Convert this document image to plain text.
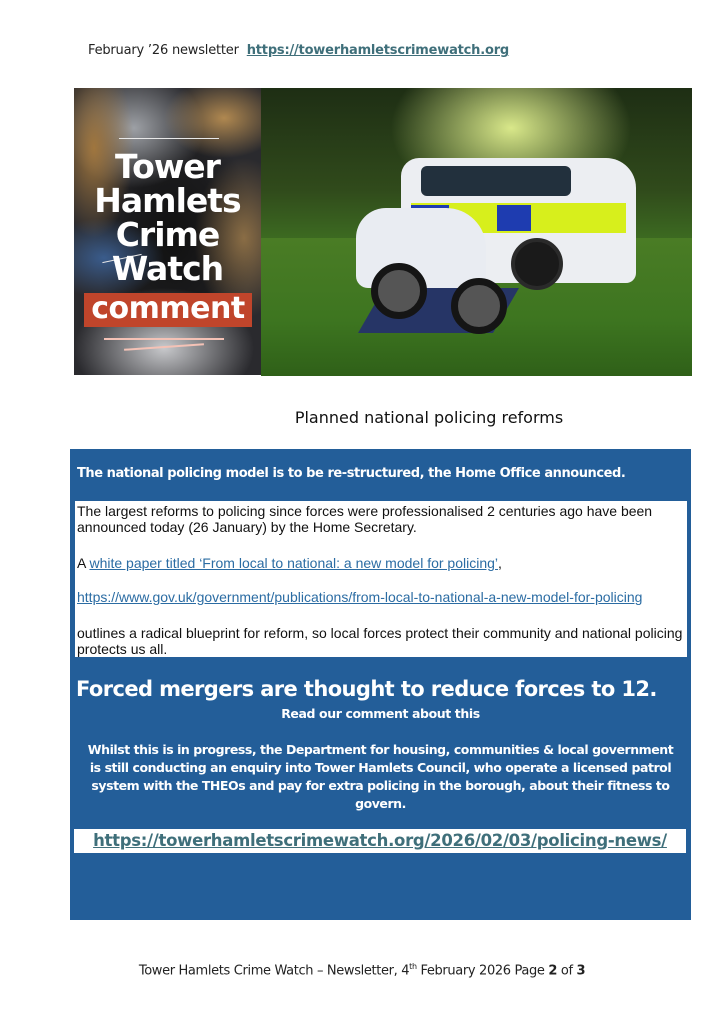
February ’26 newsletter https://towerhamletscrimewatch.org
Tower
Hamlets
Crime
Watch
comment
Planned national policing reforms
The national policing model is to be re-structured, the Home Office announced.

The largest reforms to policing since forces were professionalised 2 centuries ago have been announced today (26 January) by the Home Secretary.

A white paper titled ‘From local to national: a new model for policing’,

https://www.gov.uk/government/publications/from-local-to-national-a-new-model-for-policing

outlines a radical blueprint for reform, so local forces protect their community and national policing protects us all.

Forced mergers are thought to reduce forces to 12.
Read our comment about this
Whilst this is in progress, the Department for housing, communities & local government is still conducting an enquiry into Tower Hamlets Council, who operate a licensed patrol system with the THEOs and pay for extra policing in the borough, about their fitness to govern.
https://towerhamletscrimewatch.org/2026/02/03/policing-news/
Tower Hamlets Crime Watch – Newsletter, 4th February 2026 Page 2 of 3
